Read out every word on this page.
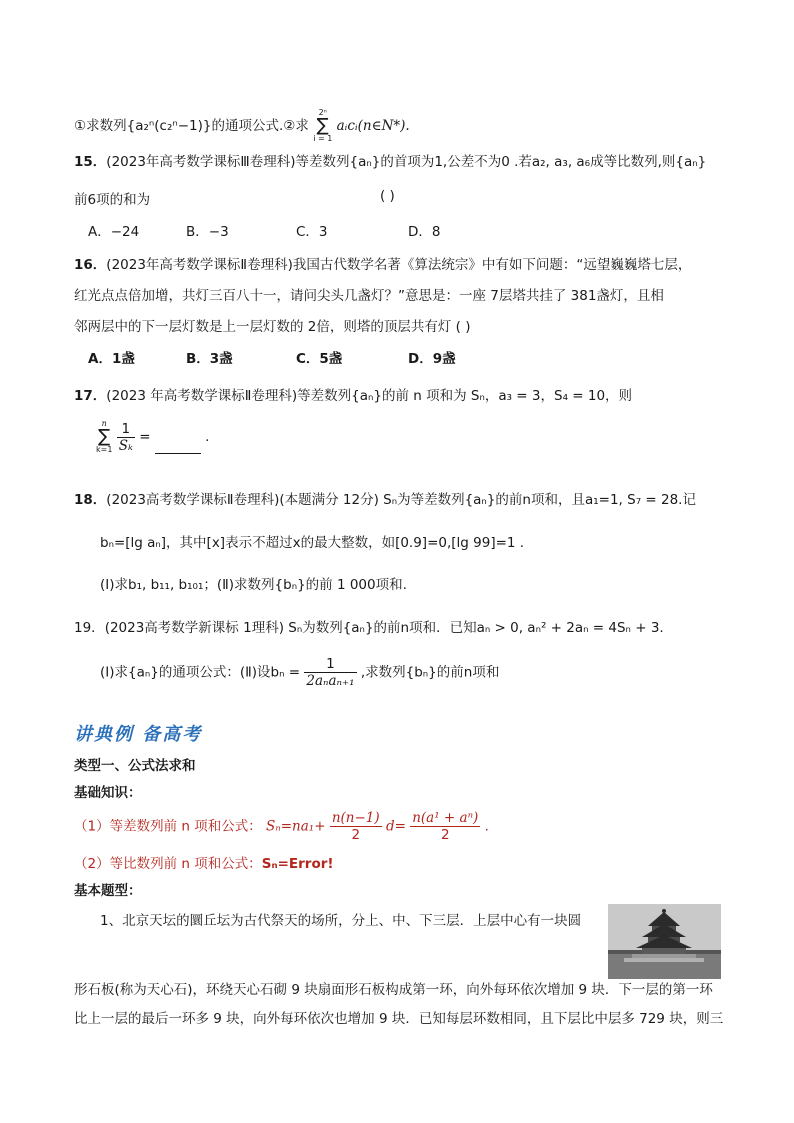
①求数列{a₂ⁿ(c₂ⁿ−1)}的通项公式.②求
2ⁿ
∑
i = 1
aᵢcᵢ(n∈N*).
15．(2023年高考数学课标Ⅲ卷理科)等差数列{aₙ}的首项为1,公差不为0 .若a₂, a₃, a₆成等比数列,则{aₙ}
前6项的和为	( )
A．−24	B．−3	C．3	D．8
16．(2023年高考数学课标Ⅱ卷理科)我国古代数学名著《算法统宗》中有如下问题：“远望巍巍塔七层，
红光点点倍加增，共灯三百八十一，请问尖头几盏灯？”意思是：一座 7层塔共挂了 381盏灯，且相
邻两层中的下一层灯数是上一层灯数的 2倍，则塔的顶层共有灯 ( )
A．1盏	B．3盏	C．5盏	D．9盏
17．(2023 年高考数学课标Ⅱ卷理科)等差数列{aₙ}的前 n 项和为 Sₙ，a₃ = 3，S₄ = 10，则
n
∑
k=1
$\frac{1}{\text{Sₖ}}$ =	.
18．(2023高考数学课标Ⅱ卷理科)(本题满分 12分) Sₙ为等差数列{aₙ}的前n项和，且a₁=1, S₇ = 28.记
bₙ=[lg aₙ]，其中[x]表示不超过x的最大整数，如[0.9]=0,[lg 99]=1 .
(Ⅰ)求b₁, b₁₁, b₁₀₁；(Ⅱ)求数列{bₙ}的前 1 000项和.
19．(2023高考数学新课标 1理科) Sₙ为数列{aₙ}的前n项和．已知aₙ > 0, aₙ² + 2aₙ = 4Sₙ + 3.
(Ⅰ)求{aₙ}的通项公式：(Ⅱ)设$b_n = \frac{1}{\text{2aₙaₙ₊₁}}$ ,求数列{bₙ}的前n项和
讲典例 备高考
类型一、公式法求和
基础知识：
（1）等差数列前 n 项和公式： $S_n=na_1+ \frac{n(n-1)}{2} d= \frac{\text{n(a¹ + aⁿ)}}{2}$ .
（2）等比数列前 n 项和公式：Sₙ=Error!
基本题型：
1、北京天坛的圜丘坛为古代祭天的场所，分上、中、下三层．上层中心有一块圆
形石板(称为天心石)，环绕天心石砌 9 块扇面形石板构成第一环，向外每环依次增加 9 块．下一层的第一环
比上一层的最后一环多 9 块，向外每环依次也增加 9 块．已知每层环数相同，且下层比中层多 729 块，则三
